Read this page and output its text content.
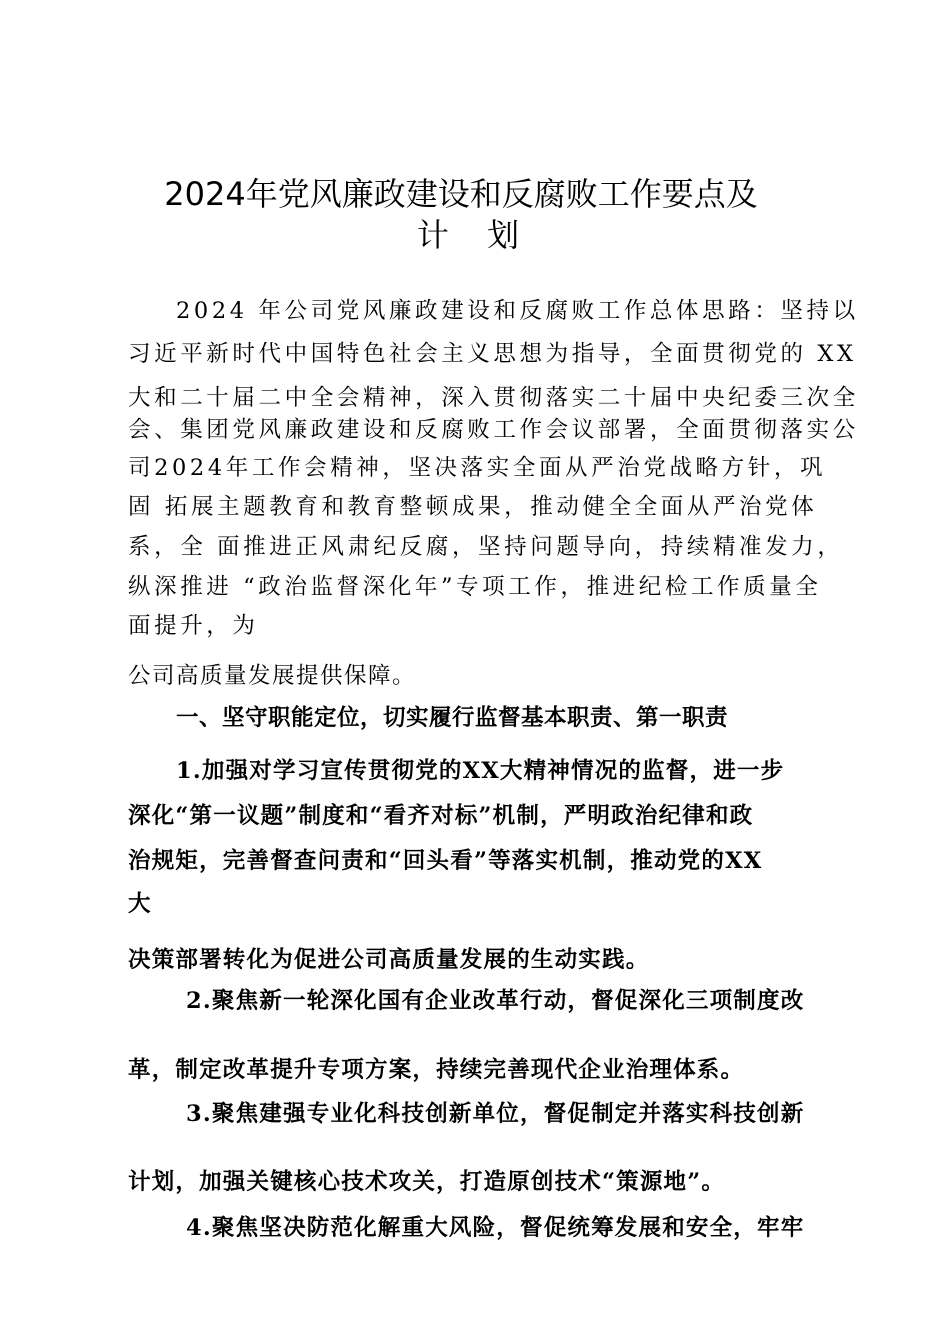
2024年党风廉政建设和反腐败工作要点及
计 划
2024 年公司党风廉政建设和反腐败工作总体思路：坚持以
习近平新时代中国特色社会主义思想为指导，全面贯彻党的 XX
大和二十届二中全会精神，深入贯彻落实二十届中央纪委三次全
会、集团党风廉政建设和反腐败工作会议部署，全面贯彻落实公
司2024年工作会精神，坚决落实全面从严治党战略方针，巩
固 拓展主题教育和教育整顿成果，推动健全全面从严治党体
系，全 面推进正风肃纪反腐，坚持问题导向，持续精准发力，
纵深推进 “政治监督深化年”专项工作，推进纪检工作质量全
面提升，为
公司高质量发展提供保障。
一、坚守职能定位，切实履行监督基本职责、第一职责
1.加强对学习宣传贯彻党的XX大精神情况的监督，进一步
深化“第一议题”制度和“看齐对标”机制，严明政治纪律和政
治规矩，完善督查问责和“回头看”等落实机制，推动党的XX
大
决策部署转化为促进公司高质量发展的生动实践。
2.聚焦新一轮深化国有企业改革行动，督促深化三项制度改
革，制定改革提升专项方案，持续完善现代企业治理体系。
3.聚焦建强专业化科技创新单位，督促制定并落实科技创新
计划，加强关键核心技术攻关，打造原创技术“策源地”。
4.聚焦坚决防范化解重大风险，督促统筹发展和安全，牢牢
